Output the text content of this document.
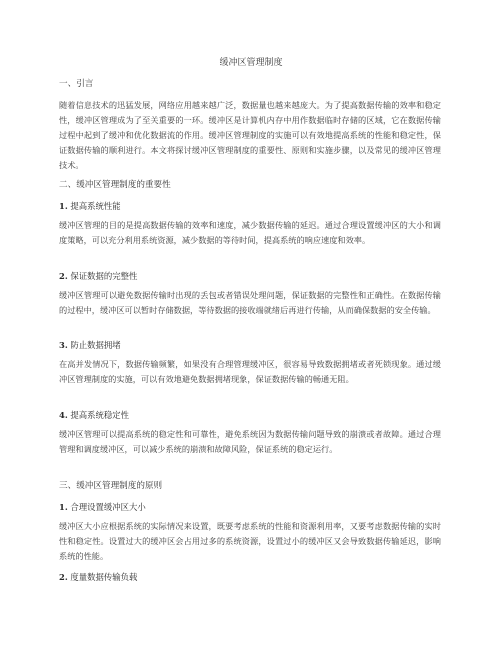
缓冲区管理制度
一、引言

随着信息技术的迅猛发展，网络应用越来越广泛，数据量也越来越庞大。为了提高数据传输的效率和稳定性，缓冲区管理成为了至关重要的一环。缓冲区是计算机内存中用作数据临时存储的区域，它在数据传输过程中起到了缓冲和优化数据流的作用。缓冲区管理制度的实施可以有效地提高系统的性能和稳定性，保证数据传输的顺利进行。本文将探讨缓冲区管理制度的重要性、原则和实施步骤，以及常见的缓冲区管理技术。

二、缓冲区管理制度的重要性
1. 提高系统性能

缓冲区管理的目的是提高数据传输的效率和速度，减少数据传输的延迟。通过合理设置缓冲区的大小和调度策略，可以充分利用系统资源，减少数据的等待时间，提高系统的响应速度和效率。

2. 保证数据的完整性

缓冲区管理可以避免数据传输时出现的丢包或者错误处理问题，保证数据的完整性和正确性。在数据传输的过程中，缓冲区可以暂时存储数据，等待数据的接收端就绪后再进行传输，从而确保数据的安全传输。

3. 防止数据拥堵

在高并发情况下，数据传输频繁，如果没有合理管理缓冲区，很容易导致数据拥堵或者死锁现象。通过缓冲区管理制度的实施，可以有效地避免数据拥堵现象，保证数据传输的畅通无阻。

4. 提高系统稳定性

缓冲区管理可以提高系统的稳定性和可靠性，避免系统因为数据传输问题导致的崩溃或者故障。通过合理管理和调度缓冲区，可以减少系统的崩溃和故障风险，保证系统的稳定运行。

三、缓冲区管理制度的原则
1. 合理设置缓冲区大小

缓冲区大小应根据系统的实际情况来设置，既要考虑系统的性能和资源利用率，又要考虑数据传输的实时性和稳定性。设置过大的缓冲区会占用过多的系统资源，设置过小的缓冲区又会导致数据传输延迟，影响系统的性能。

2. 度量数据传输负载
